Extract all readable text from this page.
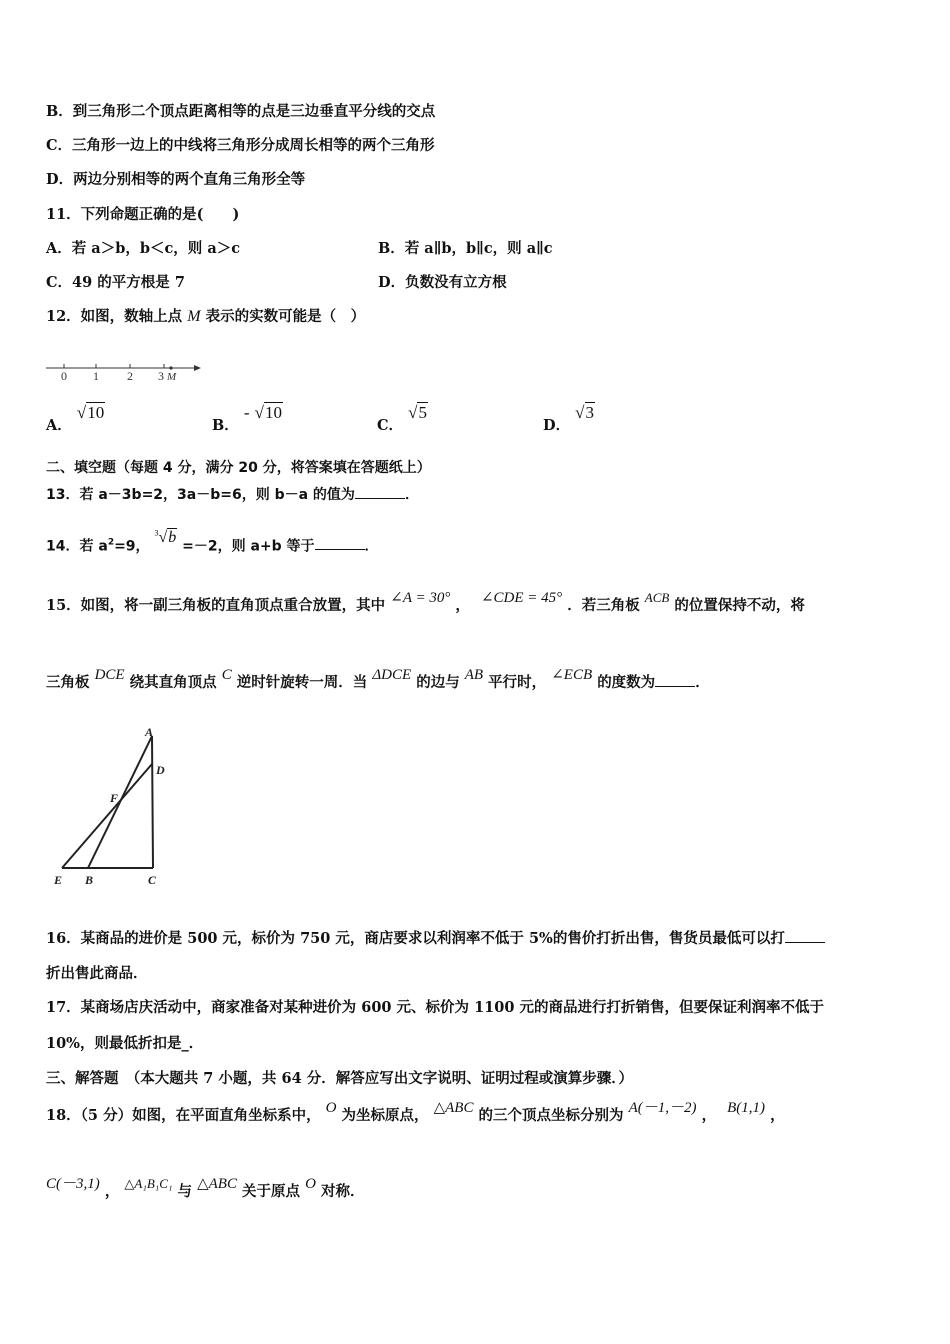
B．到三角形二个顶点距离相等的点是三边垂直平分线的交点
C．三角形一边上的中线将三角形分成周长相等的两个三角形
D．两边分别相等的两个直角三角形全等
11．下列命题正确的是(　　)
A．若 a＞b，b＜c，则 a＞c	B．若 a∥b，b∥c，则 a∥c
C．49 的平方根是 7	D．负数没有立方根
12．如图，数轴上点 M 表示的实数可能是（　）
0 1 2 3 M
A． √10
B． - √10
C． √5
D． √3
二、填空题（每题 4 分，满分 20 分，将答案填在答题纸上）
13．若 a－3b=2，3a－b=6，则 b－a 的值为	．
14．若 $a^2=9$， $^3$√b =－2，则 a+b 等于	．
15．如图，将一副三角板的直角顶点重合放置，其中 ∠A = 30° ， ∠CDE = 45° ．若三角板 ACB 的位置保持不动，将
三角板 DCE 绕其直角顶点 C 逆时针旋转一周．当 ΔDCE 的边与 AB 平行时， ∠ECB 的度数为	．
A
D
F
E B	C
16．某商品的进价是 500 元，标价为 750 元，商店要求以利润率不低于 5%的售价打折出售，售货员最低可以打
折出售此商品．
17．某商场店庆活动中，商家准备对某种进价为 600 元、标价为 1100 元的商品进行打折销售，但要保证利润率不低于
10%，则最低折扣是_．
三、解答题　（本大题共 7 小题，共 64 分．解答应写出文字说明、证明过程或演算步骤．）
18．（5 分）如图，在平面直角坐标系中， O 为坐标原点， △ABC 的三个顶点坐标分别为 A(－1,－2) ， B(1,1) ，
C(－3,1) ， △A₁B₁C₁ 与 △ABC 关于原点 O 对称．
